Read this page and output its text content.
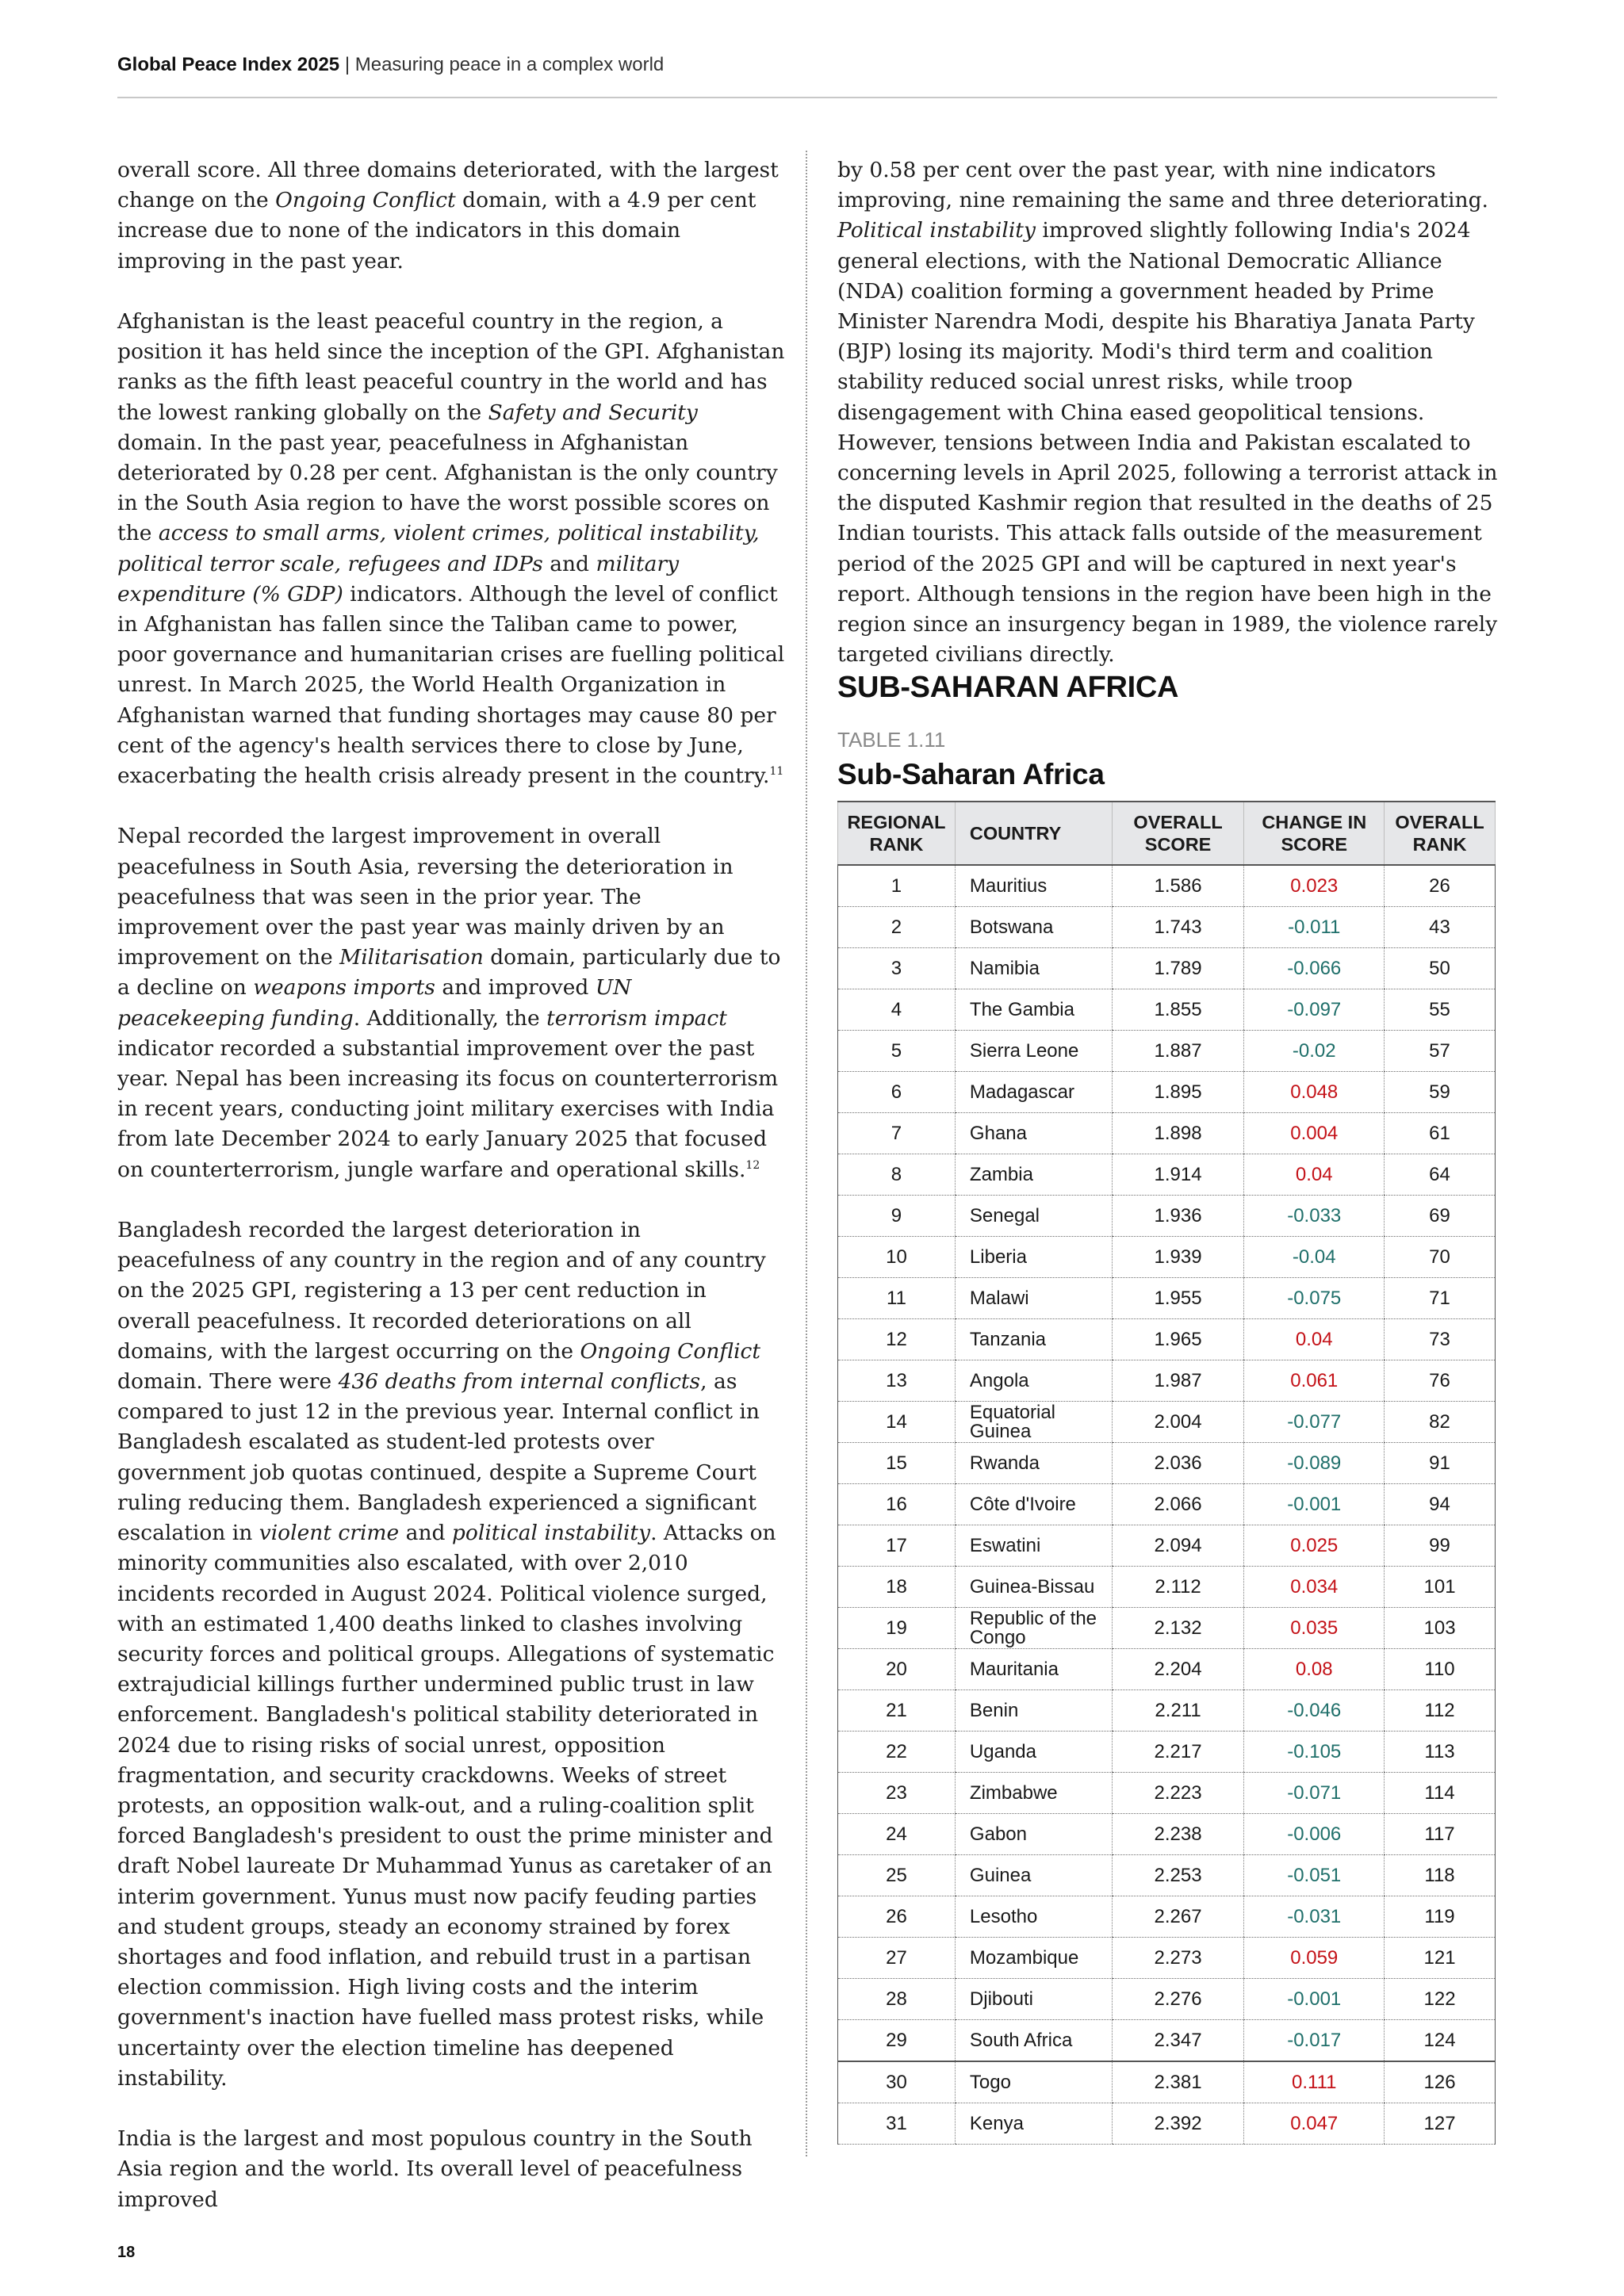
Global Peace Index 2025 | Measuring peace in a complex world

overall score. All three domains deteriorated, with the largest change on the Ongoing Conflict domain, with a 4.9 per cent increase due to none of the indicators in this domain improving in the past year.

Afghanistan is the least peaceful country in the region, a position it has held since the inception of the GPI. Afghanistan ranks as the fifth least peaceful country in the world and has the lowest ranking globally on the Safety and Security domain. In the past year, peacefulness in Afghanistan deteriorated by 0.28 per cent. Afghanistan is the only country in the South Asia region to have the worst possible scores on the access to small arms, violent crimes, political instability, political terror scale, refugees and IDPs and military expenditure (% GDP) indicators. Although the level of conflict in Afghanistan has fallen since the Taliban came to power, poor governance and humanitarian crises are fuelling political unrest. In March 2025, the World Health Organization in Afghanistan warned that funding shortages may cause 80 per cent of the agency's health services there to close by June, exacerbating the health crisis already present in the country.$^{11}$

Nepal recorded the largest improvement in overall peacefulness in South Asia, reversing the deterioration in peacefulness that was seen in the prior year. The improvement over the past year was mainly driven by an improvement on the Militarisation domain, particularly due to a decline on weapons imports and improved UN peacekeeping funding. Additionally, the terrorism impact indicator recorded a substantial improvement over the past year. Nepal has been increasing its focus on counterterrorism in recent years, conducting joint military exercises with India from late December 2024 to early January 2025 that focused on counterterrorism, jungle warfare and operational skills.$^{12}$

Bangladesh recorded the largest deterioration in peacefulness of any country in the region and of any country on the 2025 GPI, registering a 13 per cent reduction in overall peacefulness. It recorded deteriorations on all domains, with the largest occurring on the Ongoing Conflict domain. There were 436 deaths from internal conflicts, as compared to just 12 in the previous year. Internal conflict in Bangladesh escalated as student-led protests over government job quotas continued, despite a Supreme Court ruling reducing them. Bangladesh experienced a significant escalation in violent crime and political instability. Attacks on minority communities also escalated, with over 2,010 incidents recorded in August 2024. Political violence surged, with an estimated 1,400 deaths linked to clashes involving security forces and political groups. Allegations of systematic extrajudicial killings further undermined public trust in law enforcement. Bangladesh's political stability deteriorated in 2024 due to rising risks of social unrest, opposition fragmentation, and security crackdowns. Weeks of street protests, an opposition walk-out, and a ruling-coalition split forced Bangladesh's president to oust the prime minister and draft Nobel laureate Dr Muhammad Yunus as caretaker of an interim government. Yunus must now pacify feuding parties and student groups, steady an economy strained by forex shortages and food inflation, and rebuild trust in a partisan election commission. High living costs and the interim government's inaction have fuelled mass protest risks, while uncertainty over the election timeline has deepened instability.

India is the largest and most populous country in the South Asia region and the world. Its overall level of peacefulness improved

by 0.58 per cent over the past year, with nine indicators improving, nine remaining the same and three deteriorating. Political instability improved slightly following India's 2024 general elections, with the National Democratic Alliance (NDA) coalition forming a government headed by Prime Minister Narendra Modi, despite his Bharatiya Janata Party (BJP) losing its majority. Modi's third term and coalition stability reduced social unrest risks, while troop disengagement with China eased geopolitical tensions. However, tensions between India and Pakistan escalated to concerning levels in April 2025, following a terrorist attack in the disputed Kashmir region that resulted in the deaths of 25 Indian tourists. This attack falls outside of the measurement period of the 2025 GPI and will be captured in next year's report. Although tensions in the region have been high in the region since an insurgency began in 1989, the violence rarely targeted civilians directly.

SUB-SAHARAN AFRICA
TABLE 1.11
Sub-Saharan Africa
REGIONAL RANK	COUNTRY	OVERALL SCORE	CHANGE IN SCORE	OVERALL RANK
1	Mauritius	1.586	0.023	26
2	Botswana	1.743	-0.011	43
3	Namibia	1.789	-0.066	50
4	The Gambia	1.855	-0.097	55
5	Sierra Leone	1.887	-0.02	57
6	Madagascar	1.895	0.048	59
7	Ghana	1.898	0.004	61
8	Zambia	1.914	0.04	64
9	Senegal	1.936	-0.033	69
10	Liberia	1.939	-0.04	70
11	Malawi	1.955	-0.075	71
12	Tanzania	1.965	0.04	73
13	Angola	1.987	0.061	76
14	Equatorial Guinea	2.004	-0.077	82
15	Rwanda	2.036	-0.089	91
16	Côte d'Ivoire	2.066	-0.001	94
17	Eswatini	2.094	0.025	99
18	Guinea-Bissau	2.112	0.034	101
19	Republic of the Congo	2.132	0.035	103
20	Mauritania	2.204	0.08	110
21	Benin	2.211	-0.046	112
22	Uganda	2.217	-0.105	113
23	Zimbabwe	2.223	-0.071	114
24	Gabon	2.238	-0.006	117
25	Guinea	2.253	-0.051	118
26	Lesotho	2.267	-0.031	119
27	Mozambique	2.273	0.059	121
28	Djibouti	2.276	-0.001	122
29	South Africa	2.347	-0.017	124
30	Togo	2.381	0.111	126
31	Kenya	2.392	0.047	127
18
